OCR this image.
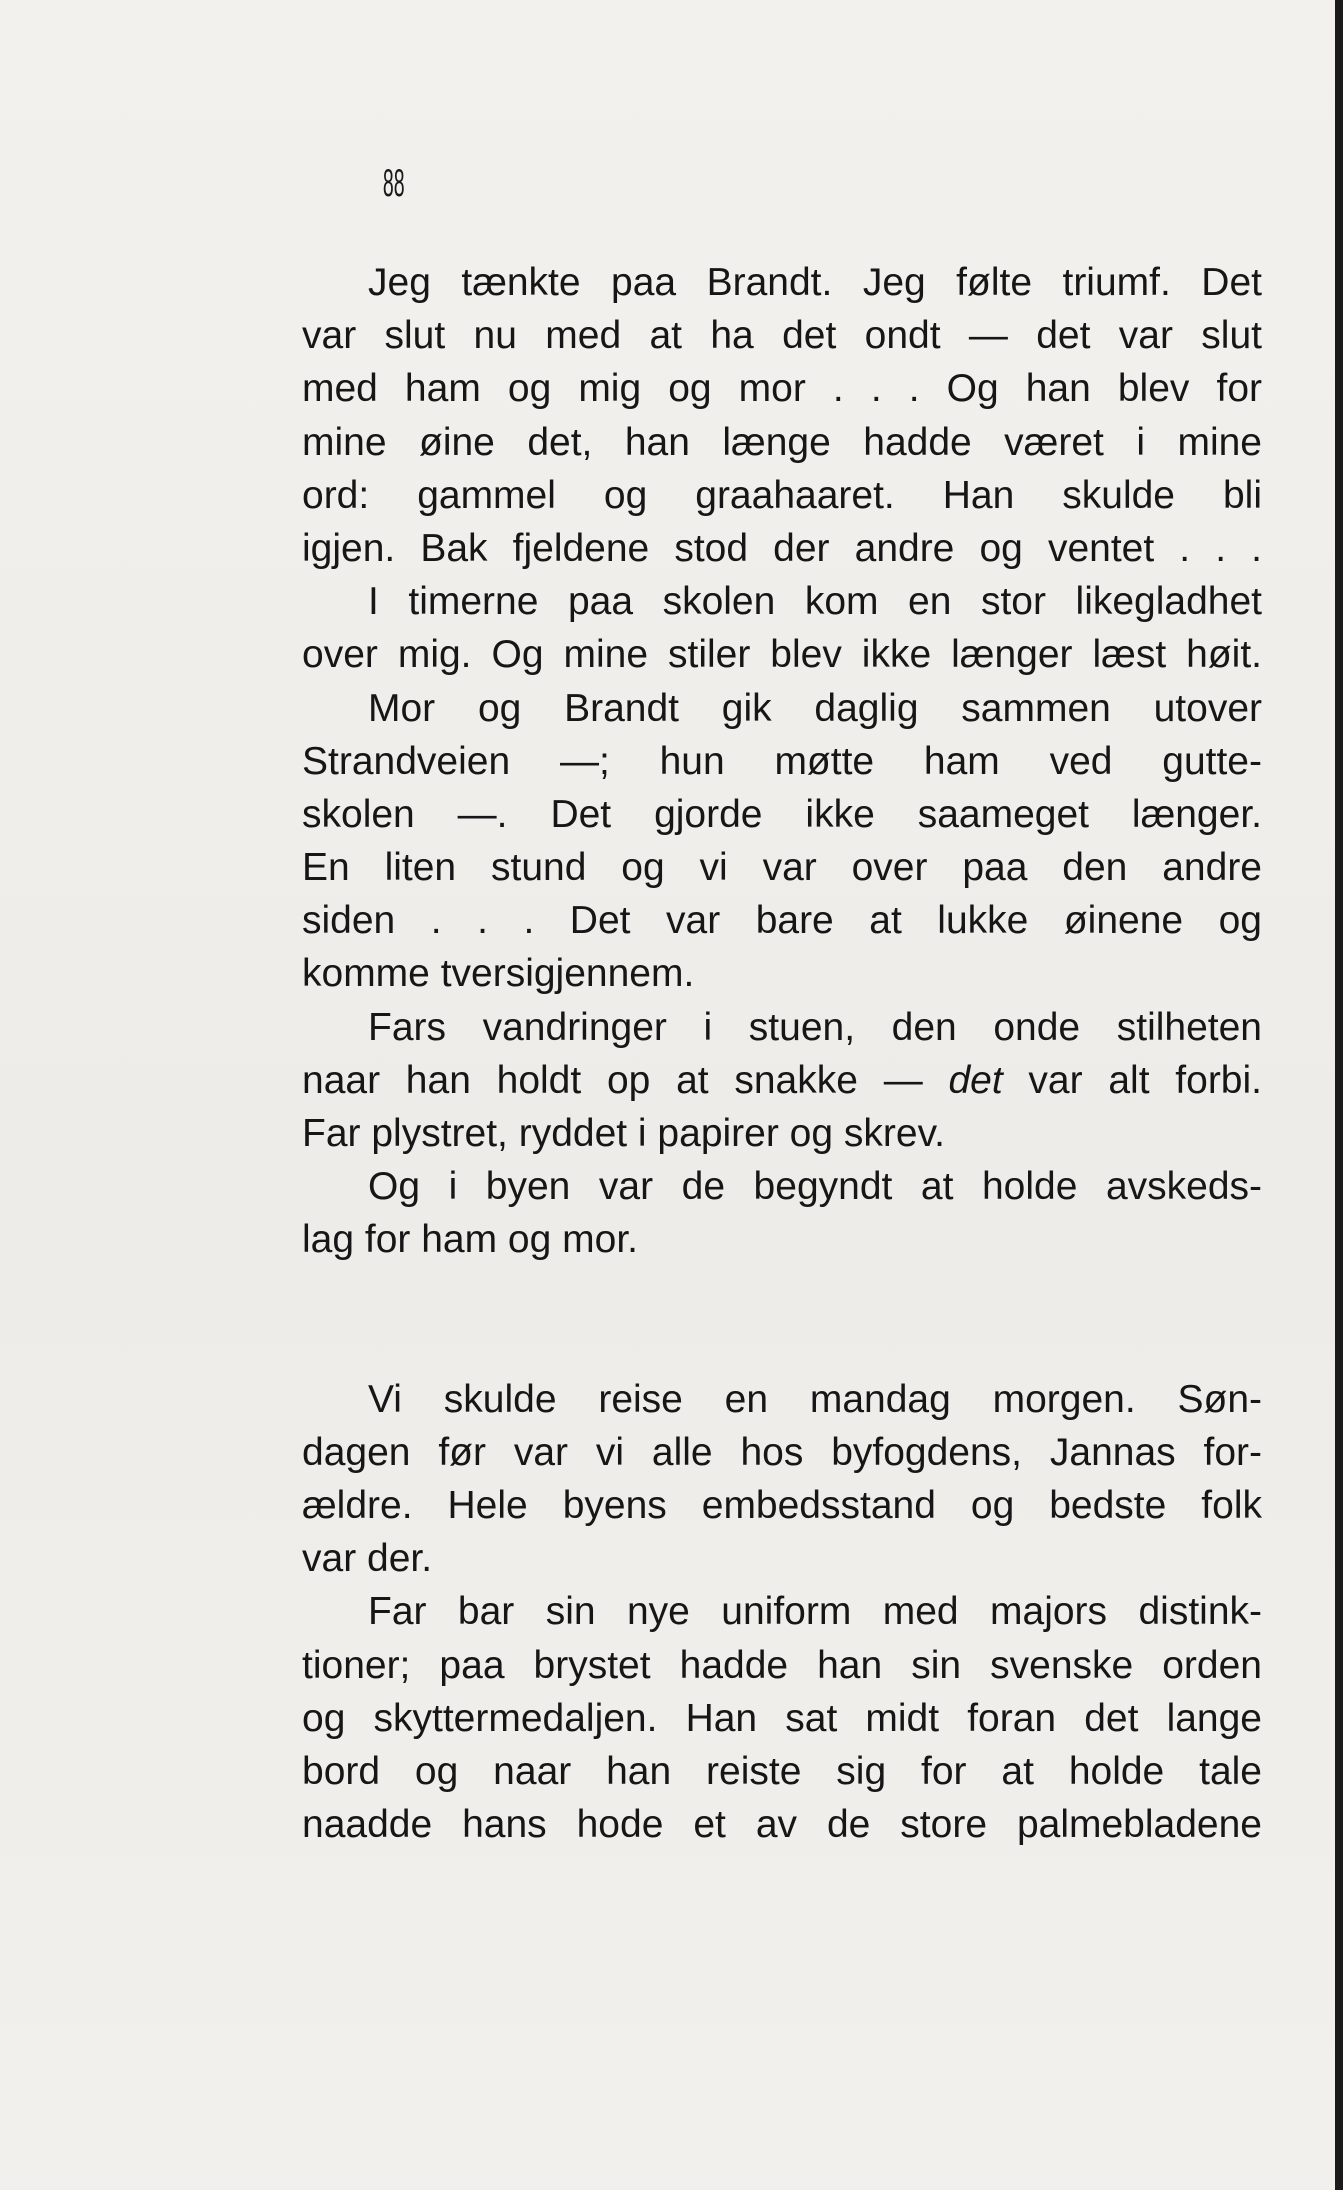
88
Jeg tænkte paa Brandt. Jeg følte triumf. Det
var slut nu med at ha det ondt — det var slut
med ham og mig og mor . . . Og han blev for
mine øine det, han længe hadde været i mine
ord: gammel og graahaaret. Han skulde bli
igjen. Bak fjeldene stod der andre og ventet . . .
I timerne paa skolen kom en stor likegladhet
over mig. Og mine stiler blev ikke længer læst høit.
Mor og Brandt gik daglig sammen utover
Strandveien —; hun møtte ham ved gutte-
skolen —. Det gjorde ikke saameget længer.
En liten stund og vi var over paa den andre
siden . . . Det var bare at lukke øinene og
komme tversigjennem.
Fars vandringer i stuen, den onde stilheten
naar han holdt op at snakke — det var alt forbi.
Far plystret, ryddet i papirer og skrev.
Og i byen var de begyndt at holde avskeds-
lag for ham og mor.
Vi skulde reise en mandag morgen. Søn-
dagen før var vi alle hos byfogdens, Jannas for-
ældre. Hele byens embedsstand og bedste folk
var der.
Far bar sin nye uniform med majors distink-
tioner; paa brystet hadde han sin svenske orden
og skyttermedaljen. Han sat midt foran det lange
bord og naar han reiste sig for at holde tale
naadde hans hode et av de store palmebladene
